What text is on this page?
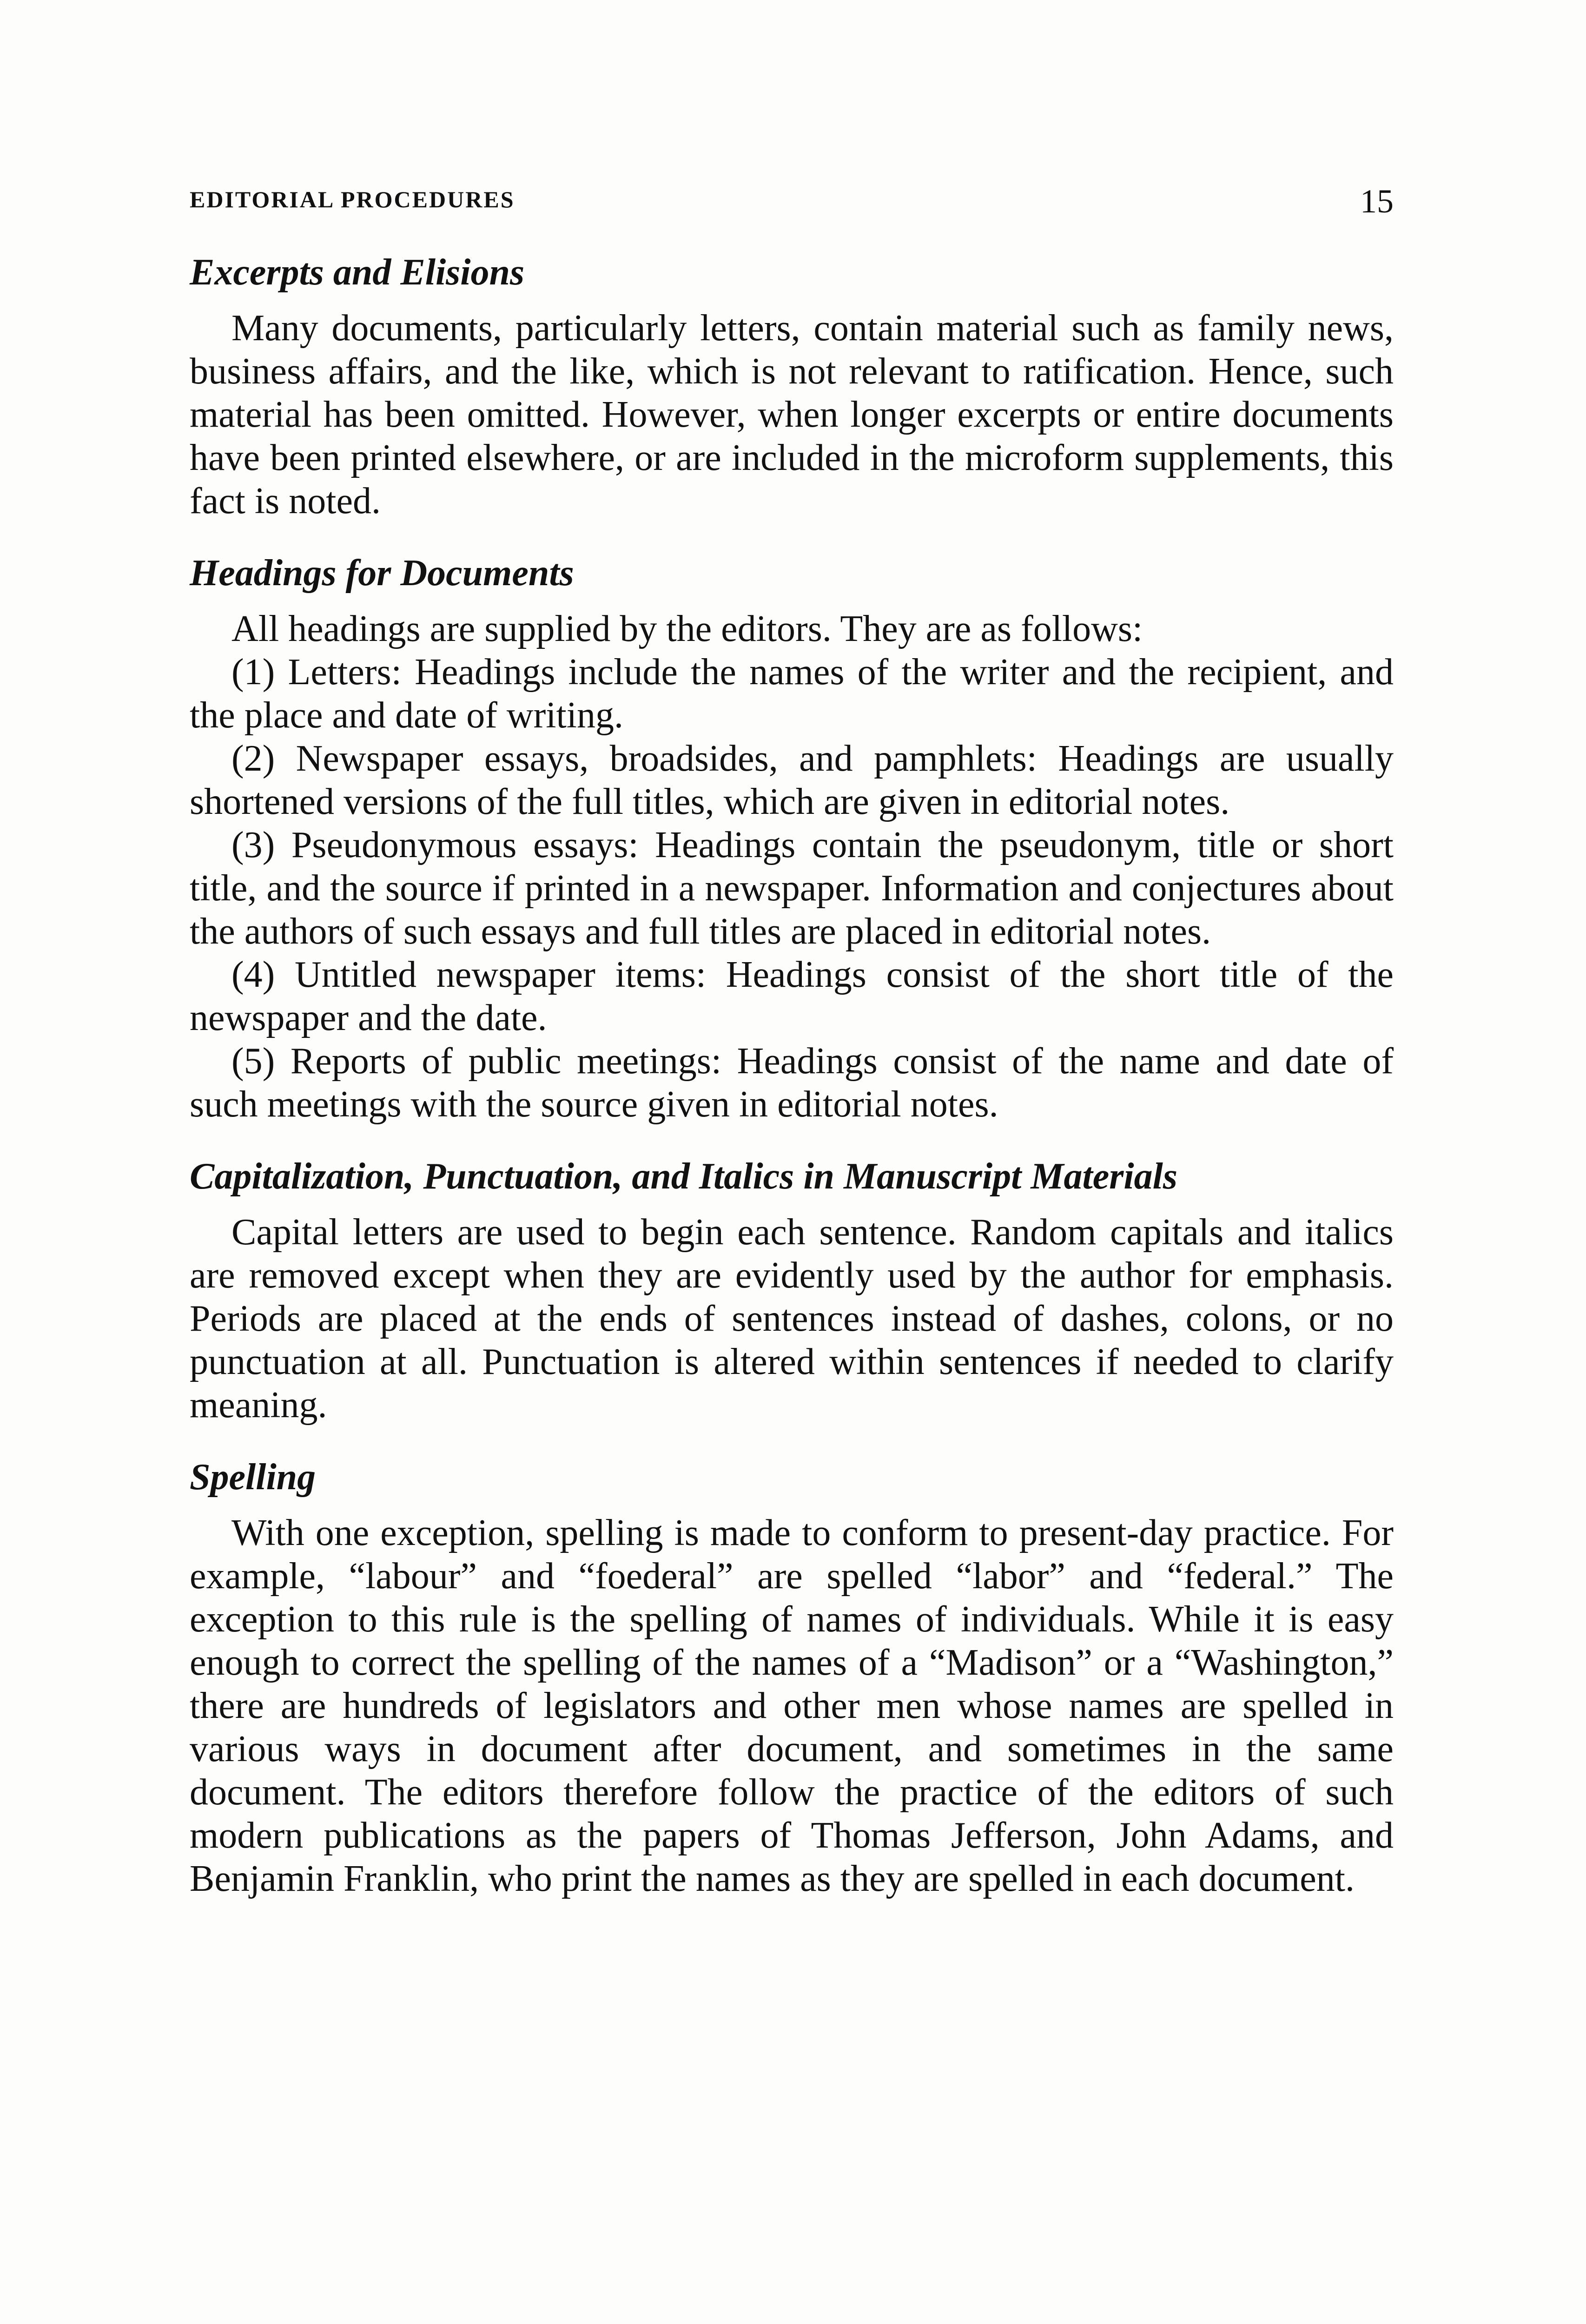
EDITORIAL PROCEDURES	15
Excerpts and Elisions

Many documents, particularly letters, contain material such as family news, business affairs, and the like, which is not relevant to ratification. Hence, such material has been omitted. However, when longer excerpts or entire documents have been printed elsewhere, or are included in the microform supplements, this fact is noted.

Headings for Documents

All headings are supplied by the editors. They are as follows:

(1) Letters: Headings include the names of the writer and the recipient, and the place and date of writing.

(2) Newspaper essays, broadsides, and pamphlets: Headings are usually shortened versions of the full titles, which are given in editorial notes.

(3) Pseudonymous essays: Headings contain the pseudonym, title or short title, and the source if printed in a newspaper. Information and conjectures about the authors of such essays and full titles are placed in editorial notes.

(4) Untitled newspaper items: Headings consist of the short title of the newspaper and the date.

(5) Reports of public meetings: Headings consist of the name and date of such meetings with the source given in editorial notes.

Capitalization, Punctuation, and Italics in Manuscript Materials

Capital letters are used to begin each sentence. Random capitals and italics are removed except when they are evidently used by the author for emphasis. Periods are placed at the ends of sentences instead of dashes, colons, or no punctuation at all. Punctuation is altered within sentences if needed to clarify meaning.

Spelling

With one exception, spelling is made to conform to present-day practice. For example, “labour” and “foederal” are spelled “labor” and “federal.” The exception to this rule is the spelling of names of individuals. While it is easy enough to correct the spelling of the names of a “Madison” or a “Washington,” there are hundreds of legislators and other men whose names are spelled in various ways in document after document, and sometimes in the same document. The editors therefore follow the practice of the editors of such modern publications as the papers of Thomas Jefferson, John Adams, and Benjamin Franklin, who print the names as they are spelled in each document.
